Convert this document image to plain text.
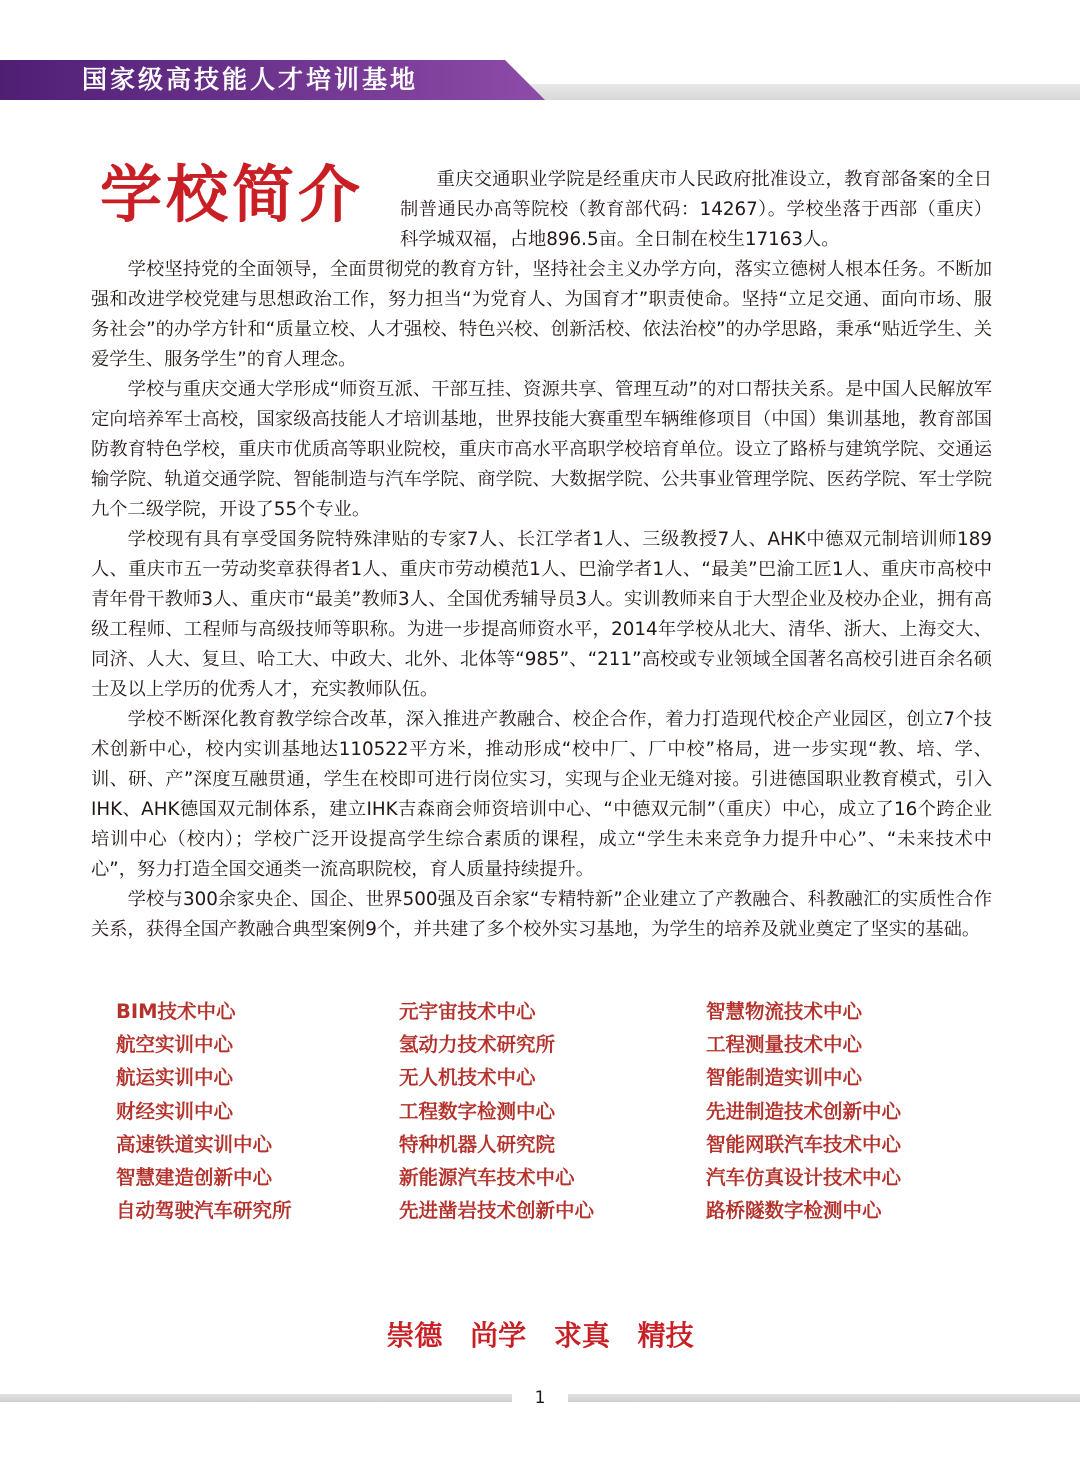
国家级高技能人才培训基地
学校简介	重庆交通职业学院是经重庆市人民政府批准设立，教育部备案的全日制普通民办高等院校（教育部代码：14267）。学校坐落于西部（重庆）科学城双福，占地896.5亩。全日制在校生17163人。

学校坚持党的全面领导，全面贯彻党的教育方针，坚持社会主义办学方向，落实立德树人根本任务。不断加强和改进学校党建与思想政治工作，努力担当“为党育人、为国育才”职责使命。坚持“立足交通、面向市场、服务社会”的办学方针和“质量立校、人才强校、特色兴校、创新活校、依法治校”的办学思路，秉承“贴近学生、关爱学生、服务学生”的育人理念。

学校与重庆交通大学形成“师资互派、干部互挂、资源共享、管理互动”的对口帮扶关系。是中国人民解放军定向培养军士高校，国家级高技能人才培训基地，世界技能大赛重型车辆维修项目（中国）集训基地，教育部国防教育特色学校，重庆市优质高等职业院校，重庆市高水平高职学校培育单位。设立了路桥与建筑学院、交通运输学院、轨道交通学院、智能制造与汽车学院、商学院、大数据学院、公共事业管理学院、医药学院、军士学院九个二级学院，开设了55个专业。

学校现有具有享受国务院特殊津贴的专家7人、长江学者1人、三级教授7人、AHK中德双元制培训师189人、重庆市五一劳动奖章获得者1人、重庆市劳动模范1人、巴渝学者1人、“最美”巴渝工匠1人、重庆市高校中青年骨干教师3人、重庆市“最美”教师3人、全国优秀辅导员3人。实训教师来自于大型企业及校办企业，拥有高级工程师、工程师与高级技师等职称。为进一步提高师资水平，2014年学校从北大、清华、浙大、上海交大、同济、人大、复旦、哈工大、中政大、北外、北体等“985”、“211”高校或专业领域全国著名高校引进百余名硕士及以上学历的优秀人才，充实教师队伍。

学校不断深化教育教学综合改革，深入推进产教融合、校企合作，着力打造现代校企产业园区，创立7个技术创新中心，校内实训基地达110522平方米，推动形成“校中厂、厂中校”格局，进一步实现“教、培、学、训、研、产”深度互融贯通，学生在校即可进行岗位实习，实现与企业无缝对接。引进德国职业教育模式，引入IHK、AHK德国双元制体系，建立IHK吉森商会师资培训中心、“中德双元制”（重庆）中心，成立了16个跨企业培训中心（校内）；学校广泛开设提高学生综合素质的课程，成立“学生未来竞争力提升中心”、“未来技术中心”，努力打造全国交通类一流高职院校，育人质量持续提升。

学校与300余家央企、国企、世界500强及百余家“专精特新”企业建立了产教融合、科教融汇的实质性合作关系，获得全国产教融合典型案例9个，并共建了多个校外实习基地，为学生的培养及就业奠定了坚实的基础。

BIM技术中心
航空实训中心
航运实训中心
财经实训中心
高速铁道实训中心
智慧建造创新中心
自动驾驶汽车研究所
元宇宙技术中心
氢动力技术研究所
无人机技术中心
工程数字检测中心
特种机器人研究院
新能源汽车技术中心
先进凿岩技术创新中心
智慧物流技术中心
工程测量技术中心
智能制造实训中心
先进制造技术创新中心
智能网联汽车技术中心
汽车仿真设计技术中心
路桥隧数字检测中心
崇德 尚学 求真 精技
1
